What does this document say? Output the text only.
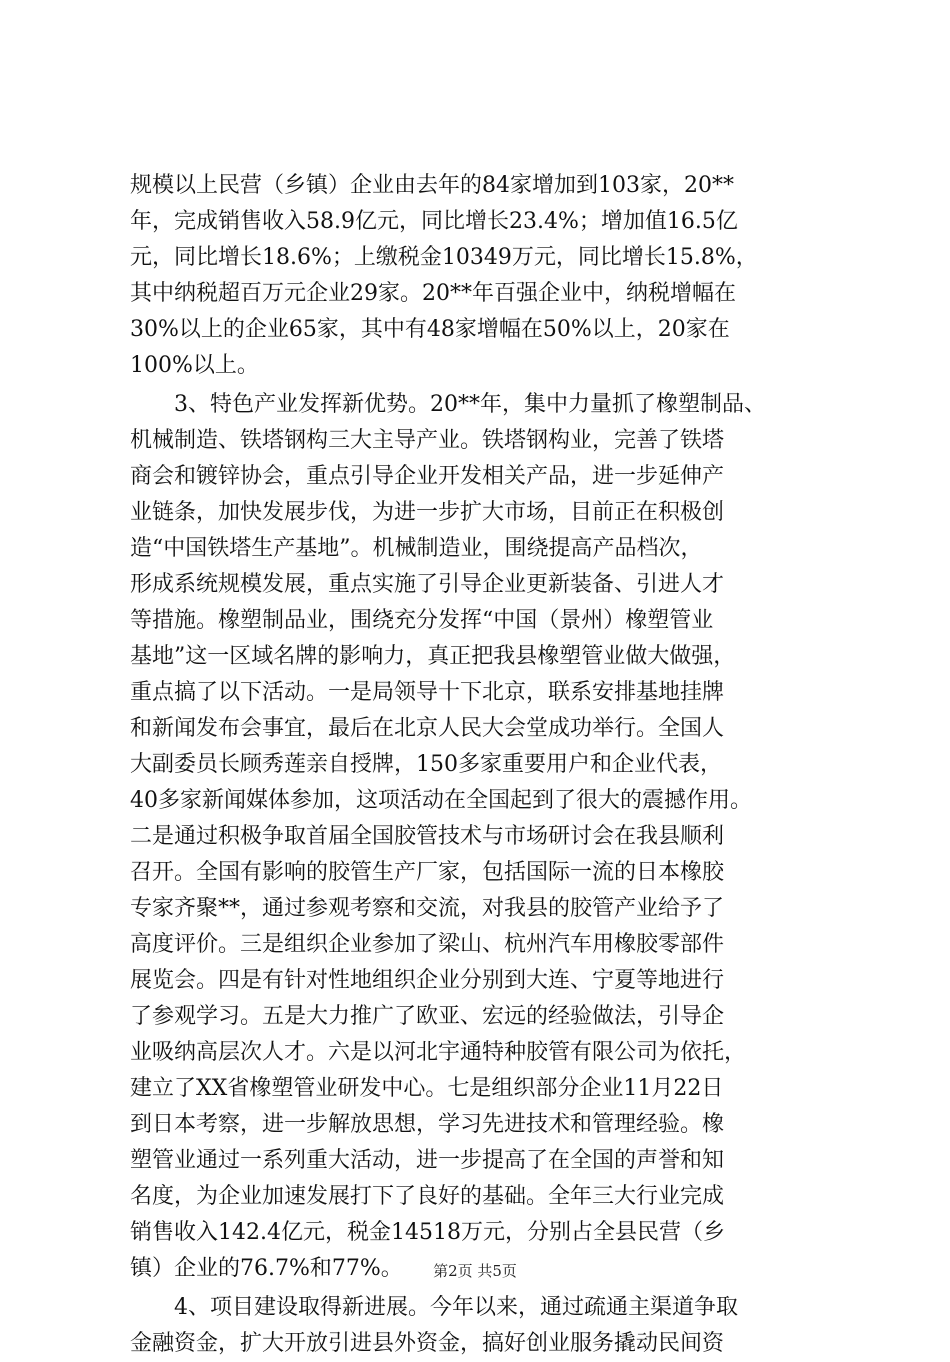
规模以上民营（乡镇）企业由去年的84家增加到103家，20**
年，完成销售收入58.9亿元，同比增长23.4%；增加值16.5亿
元，同比增长18.6%；上缴税金10349万元，同比增长15.8%，
其中纳税超百万元企业29家。20**年百强企业中，纳税增幅在
30%以上的企业65家，其中有48家增幅在50%以上，20家在
100%以上。
3、特色产业发挥新优势。20**年，集中力量抓了橡塑制品、
机械制造、铁塔钢构三大主导产业。铁塔钢构业，完善了铁塔
商会和镀锌协会，重点引导企业开发相关产品，进一步延伸产
业链条，加快发展步伐，为进一步扩大市场，目前正在积极创
造“中国铁塔生产基地”。机械制造业，围绕提高产品档次，
形成系统规模发展，重点实施了引导企业更新装备、引进人才
等措施。橡塑制品业，围绕充分发挥“中国（景州）橡塑管业
基地”这一区域名牌的影响力，真正把我县橡塑管业做大做强，
重点搞了以下活动。一是局领导十下北京，联系安排基地挂牌
和新闻发布会事宜，最后在北京人民大会堂成功举行。全国人
大副委员长顾秀莲亲自授牌，150多家重要用户和企业代表，
40多家新闻媒体参加，这项活动在全国起到了很大的震撼作用。
二是通过积极争取首届全国胶管技术与市场研讨会在我县顺利
召开。全国有影响的胶管生产厂家，包括国际一流的日本橡胶
专家齐聚**，通过参观考察和交流，对我县的胶管产业给予了
高度评价。三是组织企业参加了梁山、杭州汽车用橡胶零部件
展览会。四是有针对性地组织企业分别到大连、宁夏等地进行
了参观学习。五是大力推广了欧亚、宏远的经验做法，引导企
业吸纳高层次人才。六是以河北宇通特种胶管有限公司为依托，
建立了XX省橡塑管业研发中心。七是组织部分企业11月22日
到日本考察，进一步解放思想，学习先进技术和管理经验。橡
塑管业通过一系列重大活动，进一步提高了在全国的声誉和知
名度，为企业加速发展打下了良好的基础。全年三大行业完成
销售收入142.4亿元，税金14518万元，分别占全县民营（乡
镇）企业的76.7%和77%。
4、项目建设取得新进展。今年以来，通过疏通主渠道争取
金融资金，扩大开放引进县外资金，搞好创业服务撬动民间资
第2页 共5页
